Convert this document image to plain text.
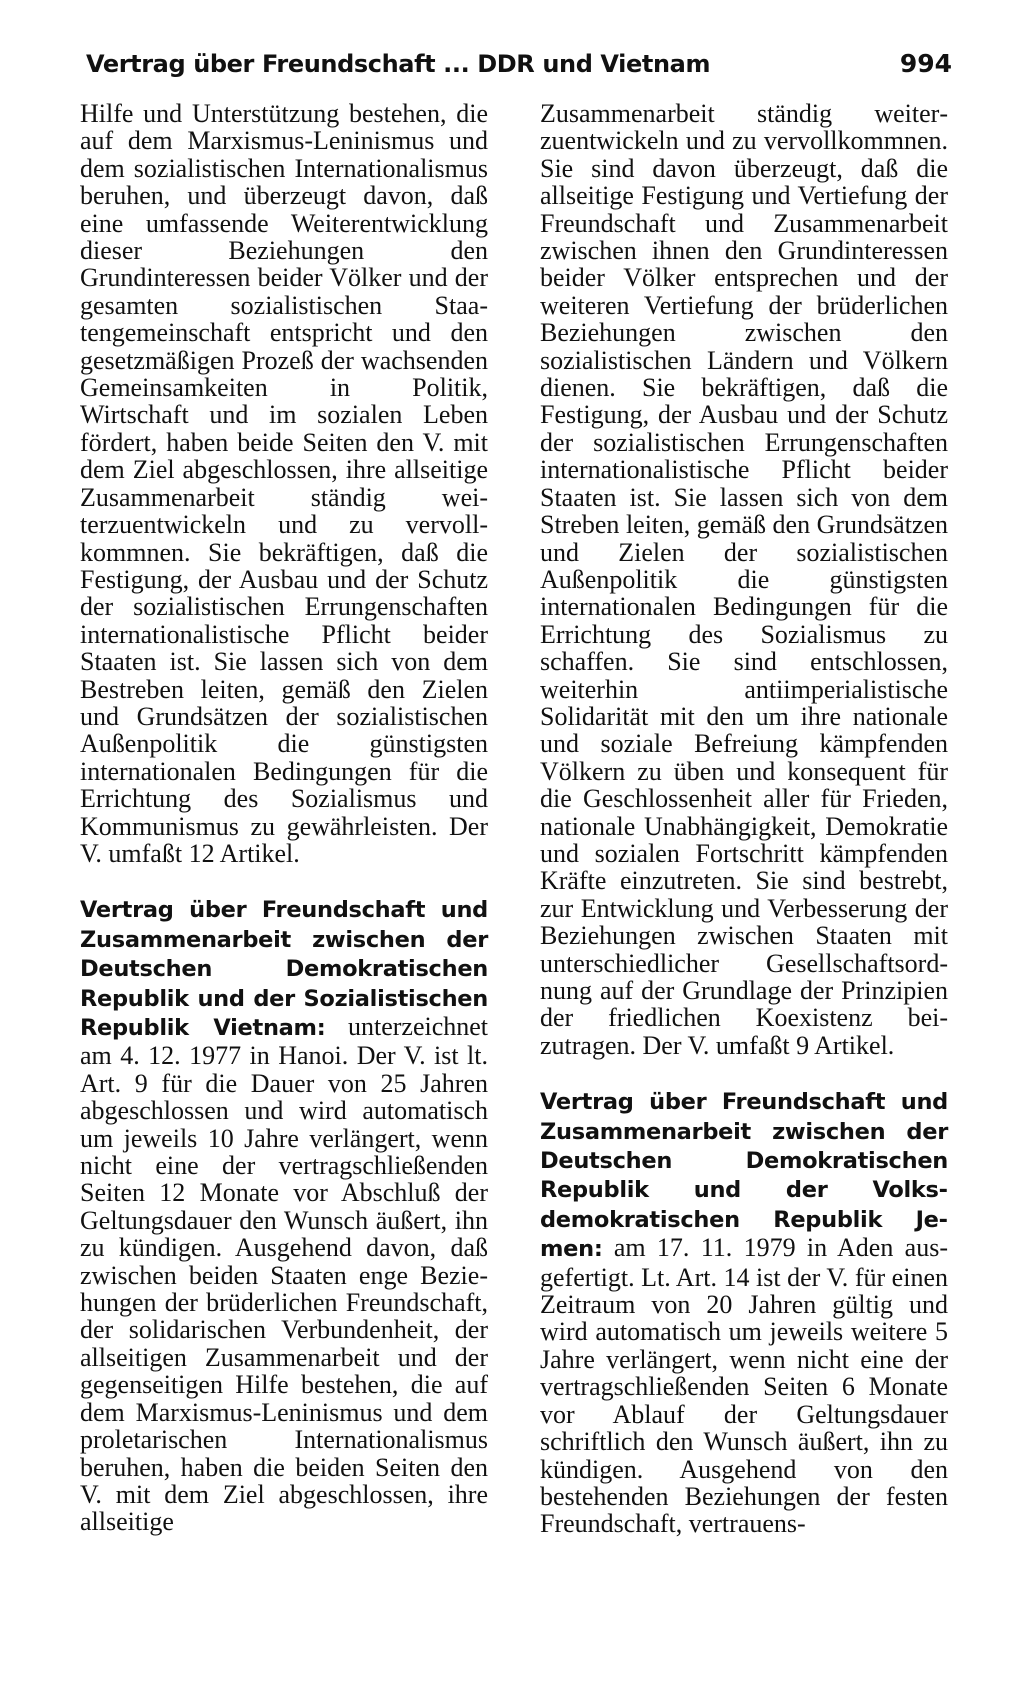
Vertrag über Freundschaft ... DDR und Vietnam	994

Hilfe und Unterstützung bestehen, die auf dem Marxismus-Leninismus und dem sozialistischen Internationalismus beruhen, und überzeugt davon, daß eine umfassende Weiterentwicklung dieser Beziehungen den Grundinteressen beider Völker und der gesamten sozialistischen Staatengemeinschaft entspricht und den gesetzmäßigen Prozeß der wachsenden Gemeinsamkeiten in Politik, Wirtschaft und im sozialen Leben fördert, haben beide Seiten den V. mit dem Ziel abgeschlossen, ihre allseitige Zusammenarbeit ständig weiterzuentwickeln und zu vervollkommnen. Sie bekräftigen, daß die Festigung, der Ausbau und der Schutz der sozialistischen Errungenschaften internationalistische Pflicht beider Staaten ist. Sie lassen sich von dem Bestreben leiten, gemäß den Zielen und Grundsätzen der sozialistischen Außenpolitik die günstigsten internationalen Bedingungen für die Errichtung des Sozialismus und Kommunismus zu gewährleisten. Der V. umfaßt 12 Artikel.

Vertrag über Freundschaft und Zusammenarbeit zwischen der Deutschen Demokratischen Republik und der Sozialistischen Republik Vietnam: unterzeichnet am 4. 12. 1977 in Hanoi. Der V. ist lt. Art. 9 für die Dauer von 25 Jahren abgeschlossen und wird automatisch um jeweils 10 Jahre verlängert, wenn nicht eine der vertragschließenden Seiten 12 Monate vor Abschluß der Geltungsdauer den Wunsch äußert, ihn zu kündigen. Ausgehend davon, daß zwischen beiden Staaten enge Beziehungen der brüderlichen Freundschaft, der solidarischen Verbundenheit, der allseitigen Zusammenarbeit und der gegenseitigen Hilfe bestehen, die auf dem Marxismus-Leninismus und dem proletarischen Internationalismus beruhen, haben die beiden Seiten den V. mit dem Ziel abgeschlossen, ihre allseitige

Zusammenarbeit ständig weiterzuentwickeln und zu vervollkommnen. Sie sind davon überzeugt, daß die allseitige Festigung und Vertiefung der Freundschaft und Zusammenarbeit zwischen ihnen den Grundinteressen beider Völker entsprechen und der weiteren Vertiefung der brüderlichen Beziehungen zwischen den sozialistischen Ländern und Völkern dienen. Sie bekräftigen, daß die Festigung, der Ausbau und der Schutz der sozialistischen Errungenschaften internationalistische Pflicht beider Staaten ist. Sie lassen sich von dem Streben leiten, gemäß den Grundsätzen und Zielen der sozialistischen Außenpolitik die günstigsten internationalen Bedingungen für die Errichtung des Sozialismus zu schaffen. Sie sind entschlossen, weiterhin antiimperialistische Solidarität mit den um ihre nationale und soziale Befreiung kämpfenden Völkern zu üben und konsequent für die Geschlossenheit aller für Frieden, nationale Unabhängigkeit, Demokratie und sozialen Fortschritt kämpfenden Kräfte einzutreten. Sie sind bestrebt, zur Entwicklung und Verbesserung der Beziehungen zwischen Staaten mit unterschiedlicher Gesellschaftsordnung auf der Grundlage der Prinzipien der friedlichen Koexistenz beizutragen. Der V. umfaßt 9 Artikel.

Vertrag über Freundschaft und Zusammenarbeit zwischen der Deutschen Demokratischen Republik und der Volksdemokratischen Republik Jemen: am 17. 11. 1979 in Aden ausgefertigt. Lt. Art. 14 ist der V. für einen Zeitraum von 20 Jahren gültig und wird automatisch um jeweils weitere 5 Jahre verlängert, wenn nicht eine der vertragschließenden Seiten 6 Monate vor Ablauf der Geltungsdauer schriftlich den Wunsch äußert, ihn zu kündigen. Ausgehend von den bestehenden Beziehungen der festen Freundschaft, vertrauens-
